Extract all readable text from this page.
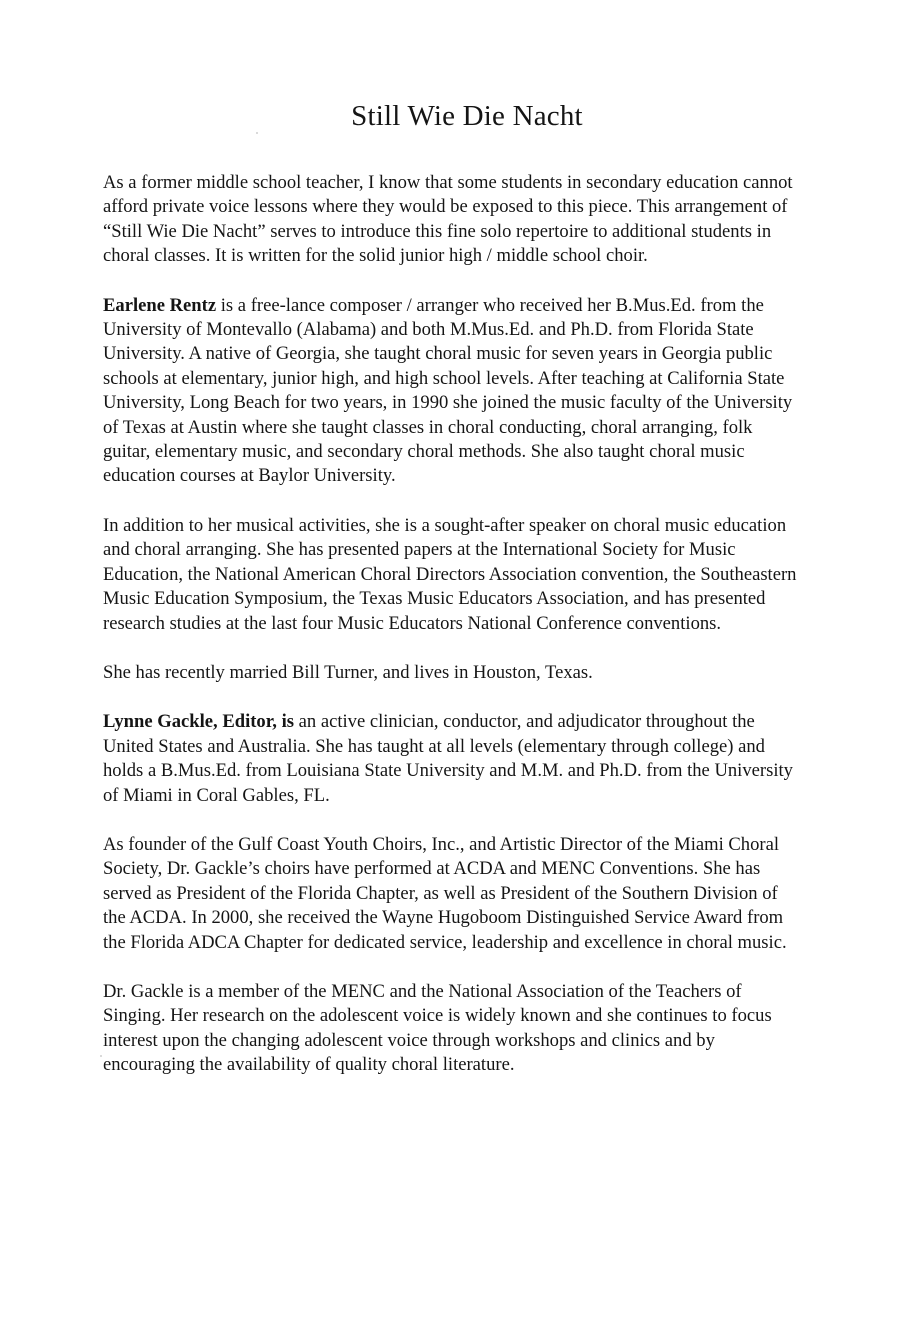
Still Wie Die Nacht

As a former middle school teacher, I know that some students in secondary education cannot afford private voice lessons where they would be exposed to this piece. This arrangement of “Still Wie Die Nacht” serves to introduce this fine solo repertoire to additional students in choral classes. It is written for the solid junior high / middle school choir.

Earlene Rentz is a free-lance composer / arranger who received her B.Mus.Ed. from the University of Montevallo (Alabama) and both M.Mus.Ed. and Ph.D. from Florida State University. A native of Georgia, she taught choral music for seven years in Georgia public schools at elementary, junior high, and high school levels. After teaching at California State University, Long Beach for two years, in 1990 she joined the music faculty of the University of Texas at Austin where she taught classes in choral conducting, choral arranging, folk guitar, elementary music, and secondary choral methods. She also taught choral music education courses at Baylor University.

In addition to her musical activities, she is a sought-after speaker on choral music education and choral arranging. She has presented papers at the International Society for Music Education, the National American Choral Directors Association convention, the Southeastern Music Education Symposium, the Texas Music Educators Association, and has presented research studies at the last four Music Educators National Conference conventions.

She has recently married Bill Turner, and lives in Houston, Texas.

Lynne Gackle, Editor, is an active clinician, conductor, and adjudicator throughout the United States and Australia. She has taught at all levels (elementary through college) and holds a B.Mus.Ed. from Louisiana State University and M.M. and Ph.D. from the University of Miami in Coral Gables, FL.

As founder of the Gulf Coast Youth Choirs, Inc., and Artistic Director of the Miami Choral Society, Dr. Gackle’s choirs have performed at ACDA and MENC Conventions. She has served as President of the Florida Chapter, as well as President of the Southern Division of the ACDA. In 2000, she received the Wayne Hugoboom Distinguished Service Award from the Florida ADCA Chapter for dedicated service, leadership and excellence in choral music.

Dr. Gackle is a member of the MENC and the National Association of the Teachers of Singing. Her research on the adolescent voice is widely known and she continues to focus interest upon the changing adolescent voice through workshops and clinics and by encouraging the availability of quality choral literature.
